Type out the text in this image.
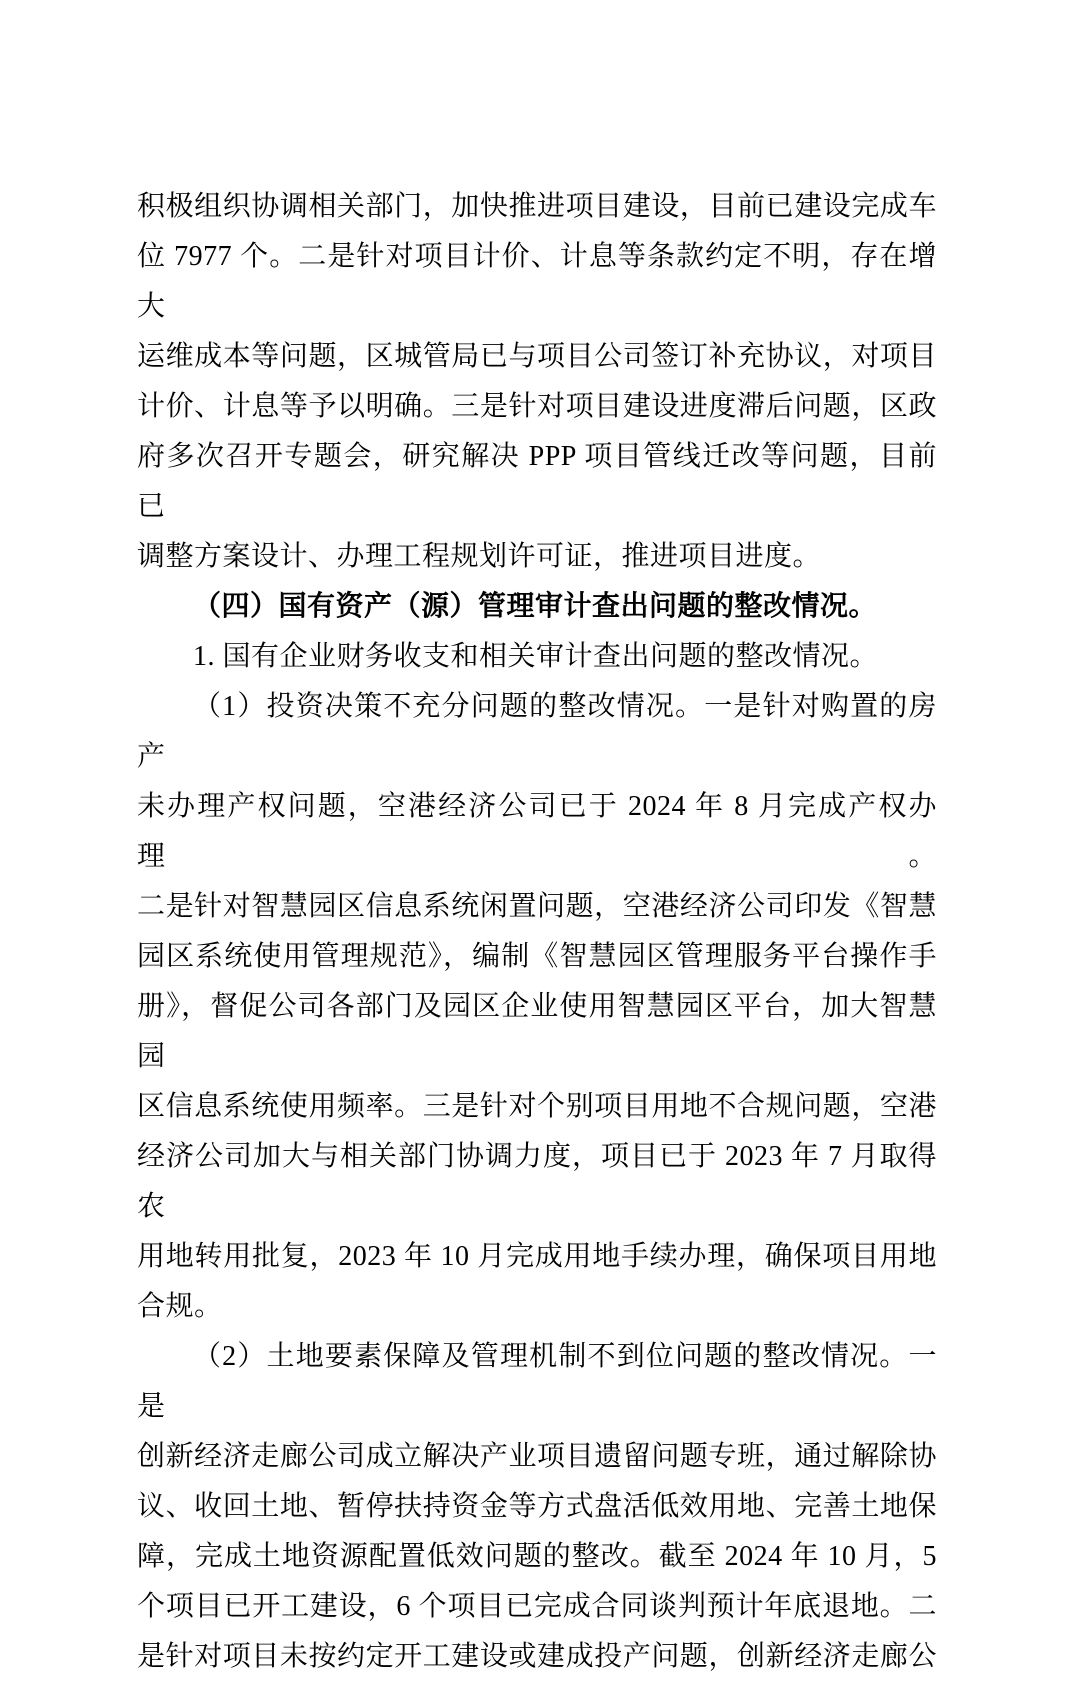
积极组织协调相关部门，加快推进项目建设，目前已建设完成车
位 7977 个。二是针对项目计价、计息等条款约定不明，存在增大
运维成本等问题，区城管局已与项目公司签订补充协议，对项目
计价、计息等予以明确。三是针对项目建设进度滞后问题，区政
府多次召开专题会，研究解决 PPP 项目管线迁改等问题，目前已
调整方案设计、办理工程规划许可证，推进项目进度。
（四）国有资产（源）管理审计查出问题的整改情况。
1. 国有企业财务收支和相关审计查出问题的整改情况。
（1）投资决策不充分问题的整改情况。一是针对购置的房产
未办理产权问题，空港经济公司已于 2024 年 8 月完成产权办理。
二是针对智慧园区信息系统闲置问题，空港经济公司印发《智慧
园区系统使用管理规范》，编制《智慧园区管理服务平台操作手
册》，督促公司各部门及园区企业使用智慧园区平台，加大智慧园
区信息系统使用频率。三是针对个别项目用地不合规问题，空港
经济公司加大与相关部门协调力度，项目已于 2023 年 7 月取得农
用地转用批复，2023 年 10 月完成用地手续办理，确保项目用地
合规。
（2）土地要素保障及管理机制不到位问题的整改情况。一是
创新经济走廊公司成立解决产业项目遗留问题专班，通过解除协
议、收回土地、暂停扶持资金等方式盘活低效用地、完善土地保
障，完成土地资源配置低效问题的整改。截至 2024 年 10 月，5
个项目已开工建设，6 个项目已完成合同谈判预计年底退地。二
是针对项目未按约定开工建设或建成投产问题，创新经济走廊公
